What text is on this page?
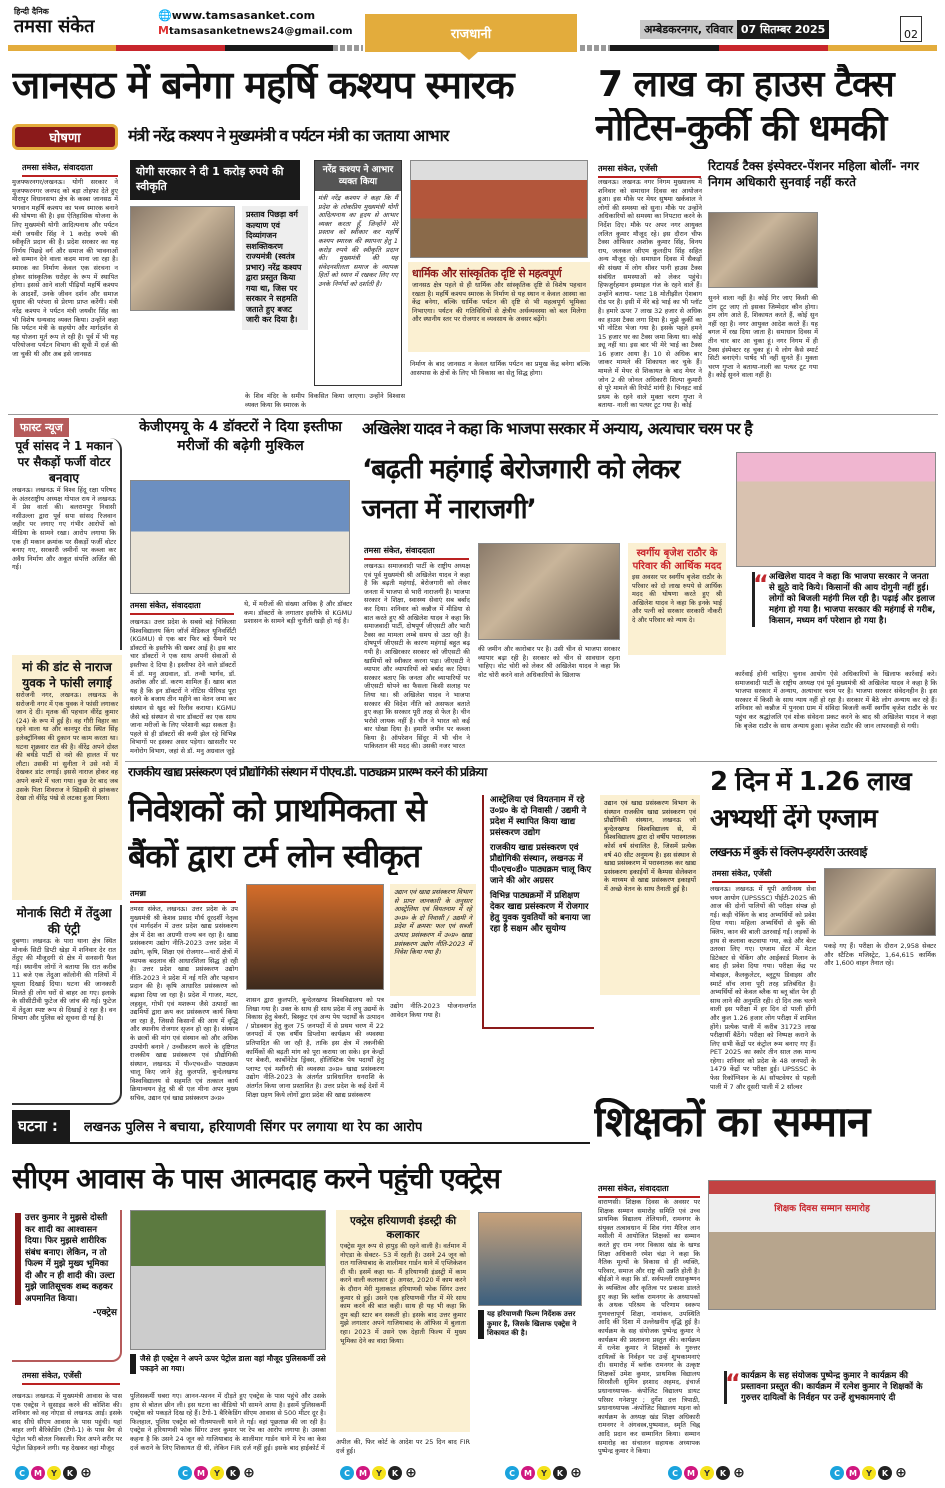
हिन्दी दैनिक
तमसा संकेत
🌐www.tamsasanket.com
Mtamsasanketnews24@gmail.com	राजधानी	अम्बेडकरनगर, रविवार 07 सितम्बर 2025	02
जानसठ में बनेगा महर्षि कश्यप स्मारक
घोषणा	मंत्री नरेंद्र कश्यप ने मुख्यमंत्री व पर्यटन मंत्री का जताया आभार
तमसा संकेत, संवाददाता
मुजफ्फरनगर/लखनऊ। योगी सरकार ने मुजफ्फरनगर जनपद को बड़ा तोहफा देते हुए मीरापुर विधानसभा क्षेत्र के कस्बा जानसठ में भगवान महर्षि कश्यप का भव्य स्मारक बनाने की घोषणा की है। इस ऐतिहासिक योजना के लिए मुख्यमंत्री योगी आदित्यनाथ और पर्यटन मंत्री जयवीर सिंह ने 1 करोड़ रुपये की स्वीकृति प्रदान की है। प्रदेश सरकार का यह निर्णय पिछड़े वर्ग और समाज की भावनाओं को सम्मान देने वाला कदम माना जा रहा है। स्मारक का निर्माण केवल एक संरचना न होकर सांस्कृतिक धरोहर के रूप में स्थापित होगा। इससे आने वाली पीढ़ियाँ महर्षि कश्यप के आदर्शों, उनके जीवन दर्शन और समाज सुधार की परंपरा से प्रेरणा प्राप्त करेंगी। मंत्री नरेंद्र कश्यप ने पर्यटन मंत्री जयवीर सिंह का भी विशेष धन्यवाद व्यक्त किया। उन्होंने कहा कि पर्यटन मंत्री के सहयोग और मार्गदर्शन से यह योजना मूर्त रूप ले रही है। पूर्व में भी यह परियोजना पर्यटन विभाग की सूची में दर्ज की जा चुकी थी और अब इसे जानसठ
योगी सरकार ने दी 1 करोड़ रुपये की स्वीकृति
प्रस्ताव पिछड़ा वर्ग कल्याण एवं दिव्यांगजन सशक्तिकरण राज्यमंत्री (स्वतंत्र प्रभार) नरेंद्र कश्यप द्वारा प्रस्तुत किया गया था, जिस पर सरकार ने सहमति जताते हुए बजट जारी कर दिया है।
नरेंद्र कश्यप ने आभार व्यक्त किया
मंत्री नरेंद्र कश्यप ने कहा कि मैं प्रदेश के लोकप्रिय मुख्यमंत्री योगी आदित्यनाथ का हृदय से आभार व्यक्त करता हूँ, जिन्होंने मेरे प्रस्ताव को स्वीकार कर महर्षि कश्यप स्मारक की स्थापना हेतु 1 करोड़ रुपये की स्वीकृति प्रदान की। मुख्यमंत्री की यह संवेदनशीलता समाज के व्यापक हितों को ध्यान में रखकर लिए गए उनके निर्णयों को दर्शाती है।
के शिव मंदिर के समीप विकसित किया जाएगा। उन्होंने विश्वास व्यक्त किया कि स्मारक के
धार्मिक और सांस्कृतिक दृष्टि से महत्वपूर्ण
जानसठ क्षेत्र पहले से ही धार्मिक और सांस्कृतिक दृष्टि से विशेष पहचान रखता है। महर्षि कश्यप स्मारक के निर्माण से यह स्थान न केवल आस्था का केंद्र बनेगा, बल्कि धार्मिक पर्यटन की दृष्टि से भी महत्वपूर्ण भूमिका निभाएगा। पर्यटन की गतिविधियों से क्षेत्रीय अर्थव्यवस्था को बल मिलेगा और स्थानीय स्तर पर रोजगार व व्यवसाय के अवसर बढ़ेंगे।
निर्माण के बाद जानसठ न केवल धार्मिक पर्यटन का प्रमुख केंद्र बनेगा बल्कि आसपास के क्षेत्रों के लिए भी विकास का सेतु सिद्ध होगा।
7 लाख का हाउस टैक्स
नोटिस-कुर्की की धमकी
तमसा संकेत, एजेंसी	रिटायर्ड टैक्स इंस्पेक्टर-पेंशनर महिला बोलीं- नगर निगम अधिकारी सुनवाई नहीं करते
लखनऊ। लखनऊ नगर निगम मुख्यालय में शनिवार को समाधान दिवस का आयोजन हुआ। इस मौके पर मेयर सुषमा खर्कवाल ने लोगों की समस्या को सुना। मौके पर उन्होंने अधिकारियों को समस्या का निपटारा करने के निर्देश दिए। मौके पर अपर नगर आयुक्त ललित कुमार मौजूद रहे। इस दौरान चीफ टैक्स ऑफिसर अशोक कुमार सिंह, विनय राय, जलकल जीएम कुलदीप सिंह सहित अन्य मौजूद रहे। समाधान दिवस में सैकड़ों की संख्या में लोग सीवर पानी हाउस टैक्स संबंधित समस्याओं को लेकर पहुंचे। हिफजुर्रहमान इस्माइल गंज के रहने वाले हैं। उन्होंने बताया- प्लाट 18 मोतीझील ऐशबाग रोड पर है। इसी में मेरे बड़े भाई का भी प्लॉट है। हमारे ऊपर 7 लाख 32 हजार से अधिक का हाउस टैक्स लगा दिया है। मुझे कुर्की का भी नोटिस भेजा गया है। इसके पहले हमने 15 हजार घर का टैक्स जमा किया था। कोई ड्यू नहीं था। इस बार भी मेरे भाई का टैक्स 16 हजार आया है। 10 से अधिक बार जाकर मामले की शिकायत कर चुके हैं। मामले में मेयर से शिकायत के बाद मेयर ने जोन 2 की जोनल अधिकारी शिल्पा कुमारी से पूरे मामले की रिपोर्ट मांगी है। चिनहट वार्ड प्रथम के रहने वाले मुक्ता चरण गुप्ता ने बताया- नाली का पत्थर टूट गया है। कोई
सुनने वाला नहीं है। कोई गिर जाए किसी की टांग टूट जाए तो इसका जिम्मेदार कौन होगा। हम लोग आते हैं, शिकायत करते हैं, कोई सुन नहीं रहा है। नगर आयुक्त आदेश करते हैं। यह बगल में रख दिया जाता है। समाधान दिवस में तीन चार बार आ चुका हूं। नगर निगम में ही टैक्स इंस्पेक्टर रह चुका हूं। ये लोग कैसे स्मार्ट सिटी बनाएंगे। पार्षद भी नहीं सुनते हैं। मुक्ता चरण गुप्ता ने बताया-नाली का पत्थर टूट गया है। कोई सुनने वाला नहीं है।
फास्ट न्यूज
पूर्व सांसद ने 1 मकान पर सैकड़ों फर्जी वोटर बनवाए
लखनऊ। लखनऊ में विश्व हिंदू रक्षा परिषद के अंतरराष्ट्रीय अध्यक्ष गोपाल राय ने लखनऊ में प्रेस वार्ता की। बलरामपुर निवासी नसीउल्ला द्वारा पूर्व सपा सांसद रिजवान जहीर पर लगाए गए गंभीर आरोपों को मीडिया के सामने रखा। आरोप लगाया कि एक ही मकान क्रमांक पर सैकड़ों फर्जी वोटर बनाए गए, सरकारी जमीनों पर कब्जा कर अवैध निर्माण और अकूत संपत्ति अर्जित की गई।
मां की डांट से नाराज युवक ने फांसी लगाई
सरोजनी नगर, लखनऊ। लखनऊ के सरोजनी नगर में एक युवक ने फांसी लगाकर जान दे दी। मृतक की पहचान वीरेंद्र कुमार (24) के रूप में हुई है। वह गौरी विहार का रहने वाला था और कानपुर रोड स्थित सिंह इलेक्ट्रॉनिक्स की दुकान पर काम करता था। घटना शुक्रवार रात की है। वीरेंद्र अपने दोस्त की बर्थडे पार्टी से नशे की हालत में घर लौटा। उसकी मां सुनीता ने उसे नशे में देखकर डांट लगाई। इससे नाराज होकर वह अपने कमरे में चला गया। कुछ देर बाद जब उसके पिता शिवराज ने खिड़की से झांककर देखा तो वीरेंद्र पंखे से लटका हुआ मिला।
मोनार्क सिटी में तेंदुआ की एंट्री
दुबग्गा। लखनऊ के पारा थाना क्षेत्र स्थित मोनार्क सिटी डिप्टी खेड़ा में शनिवार देर रात तेंदुए की मौजूदगी से क्षेत्र में सनसनी फैल गई। स्थानीय लोगों ने बताया कि रात करीब 11 बजे एक तेंदुआ कॉलोनी की गलियों में घूमता दिखाई दिया। घटना की जानकारी मिलते ही लोग घरों से बाहर आ गए। इलाके के सीसीटीवी फुटेज की जांच की गई। फुटेज में तेंदुआ स्पष्ट रूप से दिखाई दे रहा है। वन विभाग और पुलिस को सूचना दी गई है।
केजीएमयू के 4 डॉक्टरों ने दिया इस्तीफा मरीजों की बढ़ेगी मुश्किल
तमसा संकेत, संवाददाता
लखनऊ। उत्तर प्रदेश के सबसे बड़े चिकित्सा विश्वविद्यालय किंग जॉर्ज मेडिकल यूनिवर्सिटी (KGMU) से एक बार फिर बड़े पैमाने पर डॉक्टरों के इस्तीफे की खबर आई है। इस बार चार डॉक्टरों ने एक साथ अपनी सेवाओं से इस्तीफा दे दिया है। इस्तीफा देने वाले डॉक्टरों में डॉ. मनु अग्रवाल, डॉ. तन्वी भार्गव, डॉ. अशोक और डॉ. करण शामिल हैं। खास बात यह है कि इन डॉक्टरों ने नोटिस पीरियड पूरा करने के बजाय तीन महीने का वेतन जमा कर संस्थान से खुद को रिलीव कराया। KGMU जैसे बड़े संस्थान से चार डॉक्टरों का एक साथ जाना मरीजों के लिए परेशानी बढ़ा सकता है। पहले से ही डॉक्टरों की कमी झेल रहे विभिन्न विभागों पर इसका असर पड़ेगा। खासतौर पर मनोरोग विभाग, जहां से डॉ. मनु अग्रवाल जुड़े
थे, में मरीजों की संख्या अधिक है और डॉक्टर कम। डॉक्टरों के लगातार इस्तीफे से KGMU प्रशासन के सामने बड़ी चुनौती खड़ी हो गई है।
अखिलेश यादव ने कहा कि भाजपा सरकार में अन्याय, अत्याचार चरम पर है
‘बढ़ती महंगाई बेरोजगारी को लेकर जनता में नाराजगी’
तमसा संकेत, संवाददाता
लखनऊ। समाजवादी पार्टी के राष्ट्रीय अध्यक्ष एवं पूर्व मुख्यमंत्री श्री अखिलेश यादव ने कहा है कि बढ़ती महंगाई, बेरोजगारी को लेकर जनता में भाजपा से भारी नाराजगी है। भाजपा सरकार ने शिक्षा, स्वास्थ्य सेवाएं सब बर्बाद कर दिया। शनिवार को कन्नौज में मीडिया से बात करते हुए श्री अखिलेश यादव ने कहा कि समाजवादी पार्टी, दोषपूर्ण जीएसटी और भारी टैक्स का मामला लम्बे समय से उठा रही है। दोषपूर्ण जीएसटी के कारण महंगाई बहुत बढ़ गयी है। आखिरकार सरकार को जीएसटी की खामियों को स्वीकार करना पड़ा। जीएसटी ने व्यापार और व्यापारियों को बर्बाद कर दिया। सरकार बताए कि जनता और व्यापारियों पर जीएसटी थोपने का फैसला किसी सलाह पर लिया था। श्री अखिलेश यादव ने भाजपा सरकार की विदेश नीति को असफल बताते हुए कहा कि सरकार पूरी तरह से फेल है। चीन भरोसे लायक नहीं है। चीन ने भारत को कई बार धोखा दिया है। हमारी जमीन पर कब्जा किया है। ऑपरेशन सिंदूर में भी चीन ने पाकिस्तान की मदद की। उसकी नजर भारत
की जमीन और कारोबार पर है। उसी चीन से भाजपा सरकार व्यापार बढ़ा रही है। सरकार को चीन से सावधान रहना चाहिए। वोट चोरी को लेकर श्री अखिलेश यादव ने कहा कि वोट चोरी करने वाले अधिकारियों के खिलाफ
स्वर्गीय बृजेश राठौर के परिवार की आर्थिक मदद
इस अवसर पर स्वर्गीय बृजेश राठौर के परिवार को दो लाख रुपये से आर्थिक मदद की घोषणा करते हुए श्री अखिलेश यादव ने कहा कि इनके भाई और पत्नी को सरकार सरकारी नौकरी दे और परिवार को न्याय दे।
“ अखिलेश यादव ने कहा कि भाजपा सरकार ने जनता से झूठे वादे किये। किसानों की आय दोगुनी नहीं हुई। लोगों को बिजली महंगी मिल रही है। पढ़ाई और इलाज महंगा हो गया है। भाजपा सरकार की महंगाई से गरीब, किसान, मध्यम वर्ग परेशान हो गया है।
कार्रवाई होनी चाहिए। चुनाव आयोग ऐसे अधिकारियों के खिलाफ कार्रवाई करे। समाजवादी पार्टी के राष्ट्रीय अध्यक्ष एवं पूर्व मुख्यमंत्री श्री अखिलेश यादव ने कहा है कि भाजपा सरकार में अन्याय, अत्याचार चरम पर है। भाजपा सरकार संवेदनहीन है। इस सरकार में किसी के साथ न्याय नहीं हो रहा है। सरकार में बैठे लोग अन्याय कर रहे हैं। शनिवार को कन्नौज में पुनरवा ग्राम में संविदा बिजली कर्मी स्वर्गीय बृजेश राठौर के घर पहुंच कर श्रद्धांजलि एवं शोक संवेदना प्रकट करने के बाद श्री अखिलेश यादव ने कहा कि बृजेश राठौर के साथ अन्याय हुआ। बृजेश राठौर की जान लापरवाही से गयी।
राजकीय खाद्य प्रसंस्करण एवं प्रौद्योगिकी संस्थान में पीएच.डी. पाठ्यक्रम प्रारम्भ करने की प्रक्रिया
निवेशकों को प्राथमिकता से
बैंकों द्वारा टर्म लोन स्वीकृत
तमन्ना	उद्यान एवं खाद्य प्रसंस्करण विभाग से प्राप्त जानकारी के अनुसार आस्ट्रेलिया एवं वियतनाम में रहे उ०प्र० के दो निवासी / उद्यमी ने प्रदेश में क्रमशः फल एवं सब्जी उत्पाद प्रसंस्करण में उ०प्र० खाद्य प्रसंस्करण उद्योग नीति-2023 में निवेश किया गया है।
तमसा संकेत, लखनऊ। उत्तर प्रदेश के उप मुख्यमंत्री श्री केशव प्रसाद मौर्य दूरदर्शी नेतृत्व एवं मार्गदर्शन में उत्तर प्रदेश खाद्य प्रसंस्करण क्षेत्र में देश का अग्रणी राज्य बन रहा है। खाद्य प्रसंस्करण उद्योग नीति-2023 उत्तर प्रदेश में उद्योग, कृषि, शिक्षा एवं रोजगार—चारों क्षेत्रों में व्यापक बदलाव की आधारशिला सिद्ध हो रही है। उत्तर प्रदेश खाद्य प्रसंस्करण उद्योग नीति-2023 ने प्रदेश में नई गति और पहचान प्रदान की है। कृषि आधारित प्रसंस्करण को बढ़ावा दिया जा रहा है। प्रदेश में गाजर, मटर, लहसुन, गोभी एवं मशरूम जैसे उत्पादों का उद्यमियों द्वारा क्रय कर प्रसंस्करण कार्य किया जा रहा है, जिससे किसानों की आय में वृद्धि और स्थानीय रोजगार सृजन हो रहा है। संस्थान के छात्रों की मांग एवं संस्थान को और अधिक उपयोगी बनाने / उच्चीकरण करने के दृष्टिगत राजकीय खाद्य प्रसंस्करण एवं प्रौद्योगिकी संस्थान, लखनऊ में पी०एच०डी० पाठ्यक्रम चालू किए जाने हेतु कुलपति, बुन्देलखण्ड विश्वविद्यालय से सहमति एवं तत्काल कार्य क्रियान्वयन हेतु श्री बी एल मीना अपर मुख्य सचिव, उद्यान एवं खाद्य प्रसंस्करण उ०प्र०
शासन द्वारा कुलपति, बुन्देलखण्ड विश्वविद्यालय को पत्र लिखा गया है। उक्त के साथ ही साथ प्रदेश में लघु उद्यमों के विकास हेतु बेकरी, बिस्कुट एवं अन्य पेय पदार्थों के उत्पादन / प्रोडक्शन हेतु कुल 75 जनपदों में से प्रथम चरण में 22 जनपदों में एक वर्षीय डिप्लोमा कार्यक्रम की व्यवस्था प्रतिपादित की जा रही है, ताकि इस क्षेत्र में तकनीकी कार्मिकों की बढ़ती मांग को पूरा कराया जा सके। इन केन्द्रों पर बेकरी, कार्बोनेटेड ड्रिंक्स, होलिस्टिक पेय पदार्थों हेतु प्लाण्ट एवं मशीनरी की व्यवस्था उ०प्र० खाद्य प्रसंस्करण उद्योग नीति-2023 के अंतर्गत प्राविधानित धनराशि के अंतर्गत किया जाना प्रस्तावित है। उत्तर प्रदेश के कई देशों में शिक्षा ग्रहण किये लोगों द्वारा प्रदेश की खाद्य प्रसंस्करण
उद्योग नीति-2023 योजनान्तर्गत आवेदन किया गया है।
आस्ट्रेलिया एवं वियतनाम में रहे उ०प्र० के दो निवासी / उद्यमी ने प्रदेश में स्थापित किया खाद्य प्रसंस्करण उद्योग
राजकीय खाद्य प्रसंस्करण एवं प्रौद्योगिकी संस्थान, लखनऊ में पी०एच०डी० पाठ्यक्रम चालू किए जाने की ओर अग्रसर
विभिन्न पाठ्यक्रमों में प्रशिक्षण देकर खाद्य प्रसंस्करण में रोजगार हेतु युवक युवतियों को बनाया जा रहा है सक्षम और सुयोग्य
उद्यान एवं खाद्य प्रसंस्करण विभाग के संस्थान राजकीय खाद्य प्रसंस्करण एवं प्रौद्योगिकी संस्थान, लखनऊ जो बुन्देलखण्ड विश्वविद्यालय से, में विश्वविद्यालय द्वारा दो वर्षीय परास्नातक कोर्स वर्ष संचालित है, जिसमें प्रत्येक वर्ष 40 सीट अनुमन्य है। इस संस्थान से खाद्य प्रसंस्करण में परास्नातक कर खाद्य प्रसंस्करण इकाईयों में कैम्पस सेलेक्शन के माध्यम से खाद्य प्रसंस्करण इकाइयों में अच्छे वेतन के साथ तैनाती हुई है।
2 दिन में 1.26 लाख
अभ्यर्थी देंगे एग्जाम
लखनऊ में बुर्के से क्लिप-इयररिंग उतरवाई
तमसा संकेत, एजेंसी
लखनऊ। लखनऊ में यूपी अधीनस्थ सेवा चयन आयोग (UPSSSC) पीईटी-2025 की आज की दोनों पालियों की परीक्षा संपन्न हो गई। कड़ी चेकिंग के बाद अभ्यर्थियों को प्रवेश दिया गया। महिला अभ्यर्थियों से बुर्के की क्लिप, कान की बाली उतरवाई गईं। लड़कों के हाथ से कलावा कटवाया गया, कड़े और बेल्ट उतरवा लिए गए। एग्जाम सेंटर में मेटल डिटेक्टर से चेकिंग और आईकार्ड मिलान के बाद ही प्रवेश दिया गया। परीक्षा केंद्र पर मोबाइल, कैलकुलेटर, ब्लूटूथ डिवाइस और स्मार्ट वॉच लाना पूरी तरह प्रतिबंधित है। अभ्यर्थियों को केवल ब्लैक या ब्लू बॉल पेन ही साथ लाने की अनुमति रही। दो दिन तक चलने वाली इस परीक्षा में हर दिन दो पाली होंगी और कुल 1.26 हजार लोग परीक्षा में शामिल होंगे। प्रत्येक पाली में करीब 31723 लाख परीक्षार्थी बैठेंगे। परीक्षा को निष्पक्ष कराने के लिए सभी केंद्रों पर कंट्रोल रूम बनाए गए हैं। PET 2025 का स्कोर तीन साल तक मान्य रहेगा। शनिवार को प्रदेश के 48 जनपदों के 1479 केंद्रों पर परीक्षा हुई। UPSSSC के फेस रिकॉग्निशन के AI सॉफ्टवेयर से पहली पाली में 7 और दूसरी पाली में 2 सॉल्वर
पकड़े गए हैं। परीक्षा के दौरान 2,958 सेक्टर और स्टैटिक मजिस्ट्रेट, 1,64,615 कार्मिक और 1,600 वाहन तैनात रहे।
घटना :	लखनऊ पुलिस ने बचाया, हरियाणवी सिंगर पर लगाया था रेप का आरोप
सीएम आवास के पास आत्मदाह करने पहुंची एक्ट्रेस
उत्तर कुमार ने मुझसे दोस्ती कर शादी का आश्वासन दिया। फिर मुझसे शारीरिक संबंध बनाए। लेकिन, न तो फिल्म में मुझे मुख्य भूमिका दी और न ही शादी की। उल्टा मुझे जातिसूचक शब्द कहकर अपमानित किया।
-एक्ट्रेस
तमसा संकेत, एजेंसी
जैसे ही एक्ट्रेस ने अपने ऊपर पेट्रोल डाला वहां मौजूद पुलिसकर्मी उसे पकड़ने आ गया।
एक्ट्रेस हरियाणवी इंडस्ट्री की कलाकार
एक्ट्रेस मूल रूप से हापुड़ की रहने वाली है। वर्तमान में नोएडा के सेक्टर- 53 में रहती है। उसने 24 जून को रात गाजियाबाद के शालीमार गार्डन थाने में एप्लिकेशन दी थी। इसमें कहा था- मैं हरियाणवी इंडस्ट्री में काम करने वाली कलाकार हूं। अगस्त, 2020 में काम करने के दौरान मेरी मुलाकात हरियाणवी फोक सिंगर उत्तर कुमार से हुई। उसने एक हरियाणवी गीत में मेरे साथ काम करने की बात कही। साथ ही यह भी कहा कि तुम बड़ी स्टार बन सकती हो। इसके बाद उत्तर कुमार मुझे लगातार अपने गाजियाबाद के ऑफिस में बुलाता रहा। 2023 में उसने एक देहाती फिल्म में मुख्य भूमिका देने का वादा किया।
यह हरियाणवी फिल्म निर्देशक उत्तर कुमार है, जिसके खिलाफ एक्ट्रेस ने शिकायत की है।
लखनऊ। लखनऊ में मुख्यमंत्री आवास के पास एक एक्ट्रेस ने सुसाइड करने की कोशिश की। शनिवार को वह नोएडा से लखनऊ आई। इसके बाद सीधे सीएम आवास के पास पहुंची। यहां बाहर लगी बैरिकेडिंग (टैगो-1) के पास बैग से पेट्रोल भरी बोतल निकाली। फिर अपने शरीर पर पेट्रोल छिड़कने लगी। यह देखकर वहां मौजूद
पुलिसकर्मी घबरा गए। आनन-फानन में दौड़ते हुए एक्ट्रेस के पास पहुंचे और उसके हाथ से बोतल छीन ली। इस घटना का वीडियो भी सामने आया है। इसमें पुलिसकर्मी एक्ट्रेस को पकड़ते दिख रहे हैं। टैगो-1 बैरिकेडिंग सीएम आवास से 500 मीटर दूर है। फिलहाल, पुलिस एक्ट्रेस को गौतमपल्ली थाने ले गई। वहां पूछताछ की जा रही है। एक्ट्रेस ने हरियाणवी फोक सिंगर उत्तर कुमार पर रेप का आरोप लगाया है। उसका कहना है कि उसने 24 जून को गाजियाबाद के शालीमार गार्डन थाने में रेप का केस दर्ज कराने के लिए शिकायत दी थी, लेकिन FIR दर्ज नहीं हुई। इसके बाद हाईकोर्ट में
अपील की, फिर कोर्ट के आदेश पर 25 दिन बाद FIR दर्ज हुई।
शिक्षकों का सम्मान
तमसा संकेत, संवाददाता
शिक्षक दिवस सम्मान समारोह
“ कार्यक्रम के सह संयोजक पुष्पेन्द्र कुमार ने कार्यक्रम की प्रस्तावना प्रस्तुत की। कार्यक्रम में रत्नेश कुमार ने शिक्षकों के गुरुत्तर दायित्वों के निर्वहन पर उन्हें शुभकामनाएं दी
वाराणसी। शिक्षक दिवस के अवसर पर शिक्षक सम्मान समारोह समिति एवं उच्च प्राथमिक विद्यालय तेलियानी, रामनगर के संयुक्त तत्वावधान में शिव गंगा मैरिज लान मसीली में आयोजित शिक्षकों का सम्मान करते हुए राम नगर विकास खंड के खण्ड शिक्षा अधिकारी रमेश चंद्रा ने कहा कि नैतिक मूल्यों के विकास से ही व्यक्ति, परिवार, समाज और राष्ट्र की उन्नति होती है। बीईओ ने कहा कि डॉ. सर्वपल्ली राधाकृष्णन के व्यक्तित्व और कृतित्व पर प्रकाश डालते हुए कहा कि ब्लॉक रामनगर के अध्यापकों के अथक परिश्रम के परिणाम स्वरूप गुणवत्तापूर्ण शिक्षा, नामांकन, उपस्थिति आदि की दिशा में उल्लेखनीय वृद्धि हुई है। कार्यक्रम के सह संयोजक पुष्पेन्द्र कुमार ने कार्यक्रम की प्रस्तावना प्रस्तुत की। कार्यक्रम में रत्नेश कुमार ने शिक्षकों के गुरुत्तर दायित्वों के निर्वहन पर उन्हें शुभकामनाएं दी। समारोह में ब्लॉक रामनगर के उत्कृष्ट शिक्षकों उमेश कुमार, प्राथमिक विद्यालय सिरसौली सुमिन इरशाद अहमद, इंचार्ज प्रधानाध्यापक- कंपोजिट विद्यालय डायट परिसर गनेशपुर ; दुर्गेश दत्त त्रिपाठी, प्रधानाध्यापक -कंपोजिट विद्यालय मड़ना को कार्यक्रम के अध्यक्ष खंड शिक्षा अधिकारी रामनगर ने अंगवस्त्र,पुष्पमाल, स्मृति चिह्न आदि प्रदान कर सम्मानित किया। सम्मान समारोह का संचालन सहायक अध्यापक पुष्पेन्द्र कुमार ने किया।
C	M	Y	K ⊕	C	M	Y	K ⊕	C	M	Y	K ⊕	C	M	Y	K ⊕	C	M	Y	K ⊕	C	M	Y	K ⊕
